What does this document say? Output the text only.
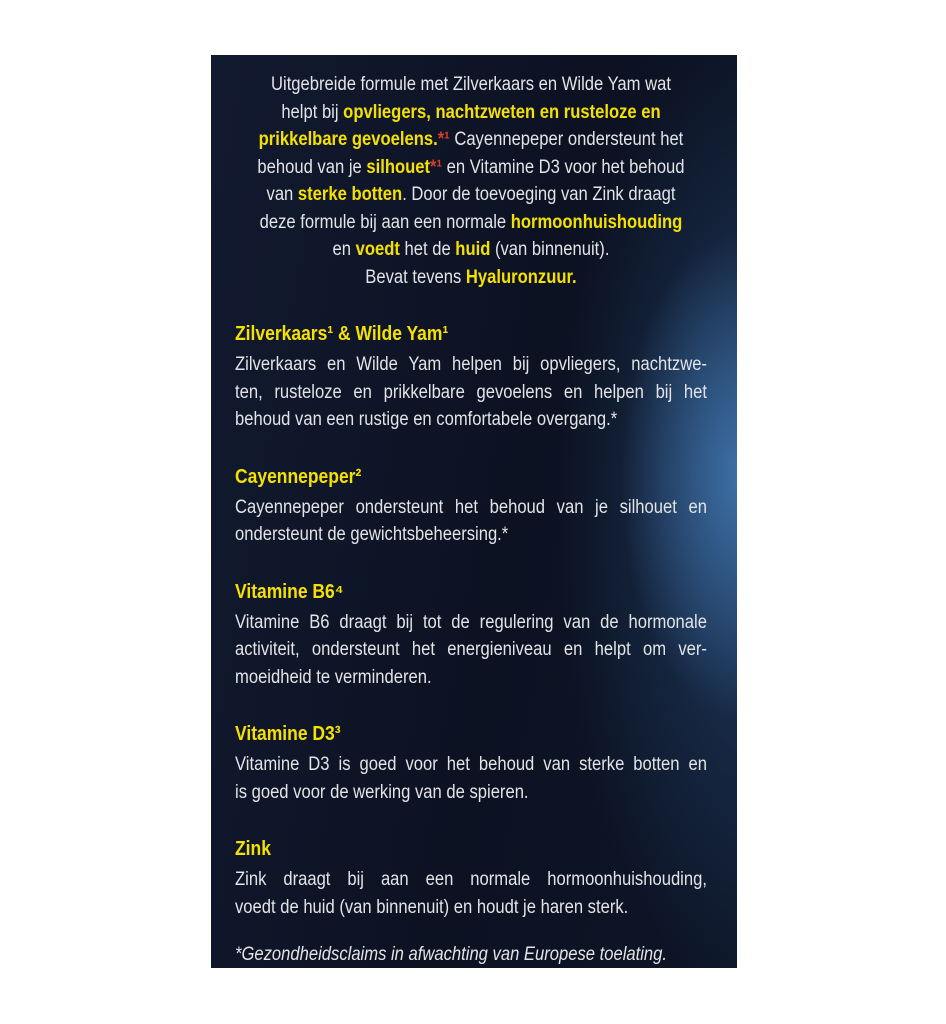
Uitgebreide formule met Zilverkaars en Wilde Yam wat
helpt bij opvliegers, nachtzweten en rusteloze en
prikkelbare gevoelens.*¹ Cayennepeper ondersteunt het
behoud van je silhouet*¹ en Vitamine D3 voor het behoud
van sterke botten. Door de toevoeging van Zink draagt
deze formule bij aan een normale hormoonhuishouding
en voedt het de huid (van binnenuit).
Bevat tevens Hyaluronzuur.
Zilverkaars¹ & Wilde Yam¹
Zilverkaars en Wilde Yam helpen bij opvliegers, nachtzwe-
ten, rusteloze en prikkelbare gevoelens en helpen bij het
behoud van een rustige en comfortabele overgang.*
Cayennepeper²
Cayennepeper ondersteunt het behoud van je silhouet en
ondersteunt de gewichtsbeheersing.*
Vitamine B6⁴
Vitamine B6 draagt bij tot de regulering van de hormonale
activiteit, ondersteunt het energieniveau en helpt om ver-
moeidheid te verminderen.
Vitamine D3³
Vitamine D3 is goed voor het behoud van sterke botten en
is goed voor de werking van de spieren.
Zink
Zink draagt bij aan een normale hormoonhuishouding,
voedt de huid (van binnenuit) en houdt je haren sterk.
*Gezondheidsclaims in afwachting van Europese toelating.
